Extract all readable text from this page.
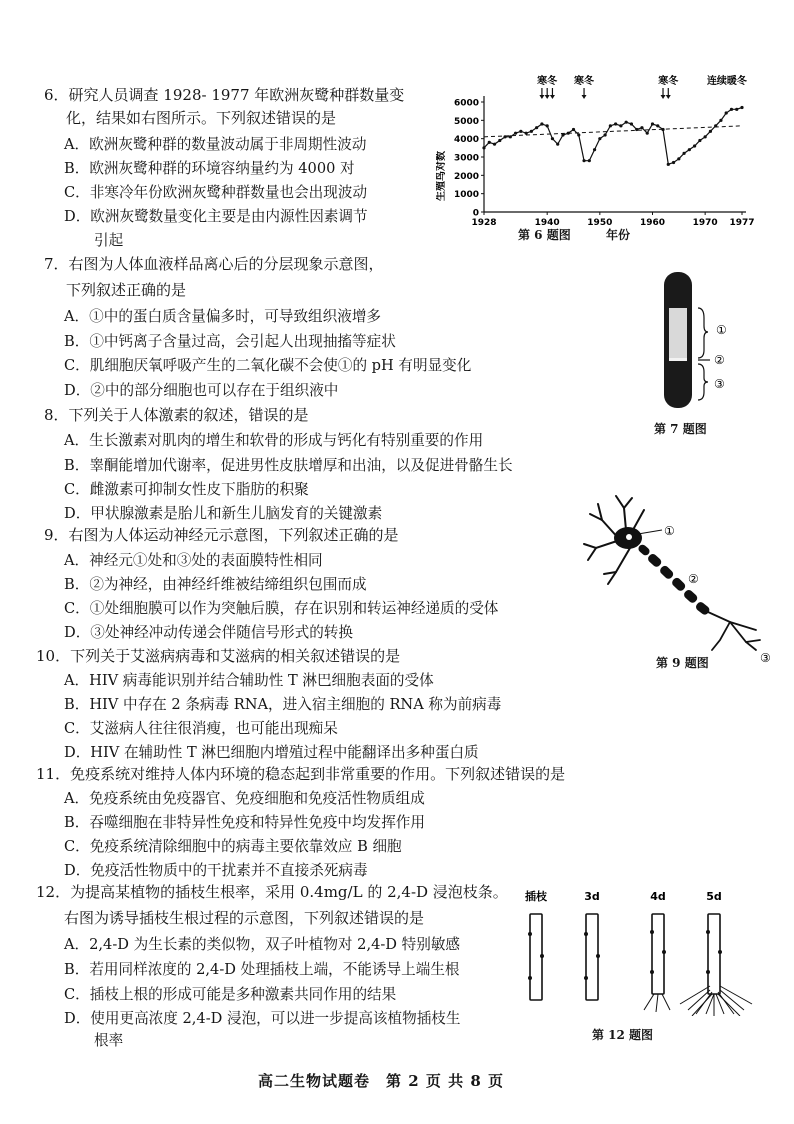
6．研究人员调查 1928- 1977 年欧洲灰鹭种群数量变
化，结果如右图所示。下列叙述错误的是
A．欧洲灰鹭种群的数量波动属于非周期性波动
B．欧洲灰鹭种群的环境容纳量约为 4000 对
C．非寒冷年份欧洲灰鹭种群数量也会出现波动
D．欧洲灰鹭数量变化主要是由内源性因素调节
引起
0
1000
2000
3000
4000
5000
6000
1928	1940	1950	1960	1970 1977
寒冬 寒冬	寒冬	连续暖冬
生殖鸟对数
第 6 题图	年份
7．右图为人体血液样品离心后的分层现象示意图，
下列叙述正确的是
A．①中的蛋白质含量偏多时，可导致组织液增多
B．①中钙离子含量过高，会引起人出现抽搐等症状
C．肌细胞厌氧呼吸产生的二氧化碳不会使①的 pH 有明显变化
D．②中的部分细胞也可以存在于组织液中
①
②
③
第 7 题图
8．下列关于人体激素的叙述，错误的是
A．生长激素对肌肉的增生和软骨的形成与钙化有特别重要的作用
B．睾酮能增加代谢率，促进男性皮肤增厚和出油，以及促进骨骼生长
C．雌激素可抑制女性皮下脂肪的积聚
D．甲状腺激素是胎儿和新生儿脑发育的关键激素
9．右图为人体运动神经元示意图，下列叙述正确的是
A．神经元①处和③处的表面膜特性相同
B．②为神经，由神经纤维被结缔组织包围而成
C．①处细胞膜可以作为突触后膜，存在识别和转运神经递质的受体
D．③处神经冲动传递会伴随信号形式的转换
①
②
③
第 9 题图
10．下列关于艾滋病病毒和艾滋病的相关叙述错误的是
A．HIV 病毒能识别并结合辅助性 T 淋巴细胞表面的受体
B．HIV 中存在 2 条病毒 RNA，进入宿主细胞的 RNA 称为前病毒
C．艾滋病人往往很消瘦，也可能出现痴呆
D．HIV 在辅助性 T 淋巴细胞内增殖过程中能翻译出多种蛋白质
11．免疫系统对维持人体内环境的稳态起到非常重要的作用。下列叙述错误的是
A．免疫系统由免疫器官、免疫细胞和免疫活性物质组成
B．吞噬细胞在非特异性免疫和特异性免疫中均发挥作用
C．免疫系统清除细胞中的病毒主要依靠效应 B 细胞
D．免疫活性物质中的干扰素并不直接杀死病毒
12．为提高某植物的插枝生根率，采用 0.4mg/L 的 2,4-D 浸泡枝条。
右图为诱导插枝生根过程的示意图，下列叙述错误的是
A．2,4-D 为生长素的类似物，双子叶植物对 2,4-D 特别敏感
B．若用同样浓度的 2,4-D 处理插枝上端，不能诱导上端生根
C．插枝上根的形成可能是多种激素共同作用的结果
D．使用更高浓度 2,4-D 浸泡，可以进一步提高该植物插枝生
根率
插枝	3d	4d	5d
第 12 题图
高二生物试题卷　第 2 页 共 8 页
